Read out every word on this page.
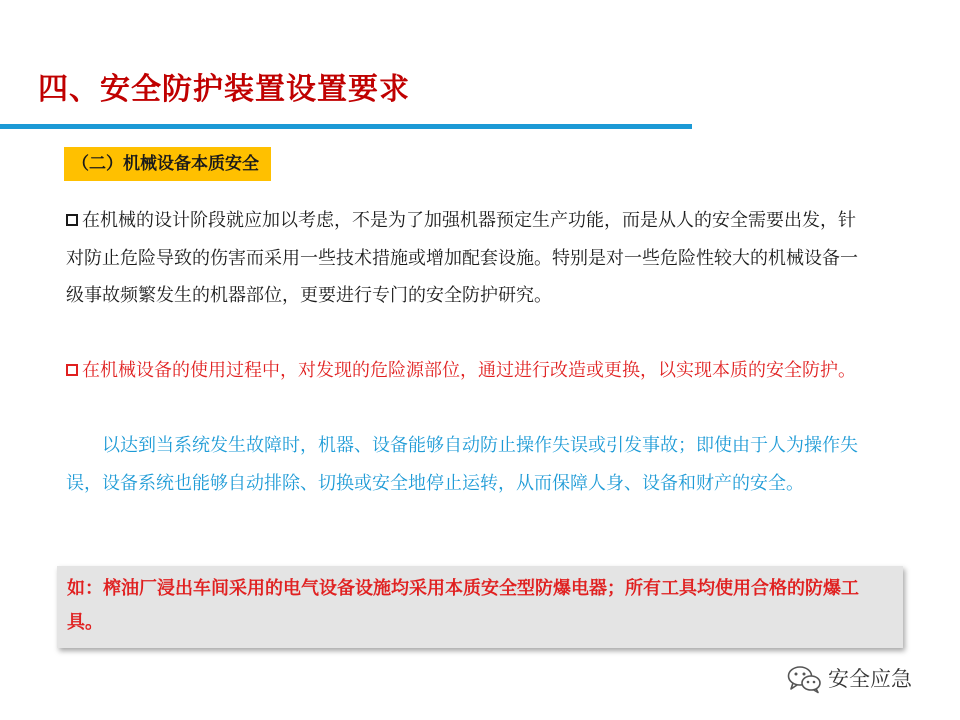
四、安全防护装置设置要求
（二）机械设备本质安全

在机械的设计阶段就应加以考虑，不是为了加强机器预定生产功能，而是从人的安全需要出发，针对防止危险导致的伤害而采用一些技术措施或增加配套设施。特别是对一些危险性较大的机械设备一级事故频繁发生的机器部位，更要进行专门的安全防护研究。

在机械设备的使用过程中，对发现的危险源部位，通过进行改造或更换，以实现本质的安全防护。

以达到当系统发生故障时，机器、设备能够自动防止操作失误或引发事故；即使由于人为操作失误，设备系统也能够自动排除、切换或安全地停止运转，从而保障人身、设备和财产的安全。

如：榨油厂浸出车间采用的电气设备设施均采用本质安全型防爆电器；所有工具均使用合格的防爆工具。

安全应急
